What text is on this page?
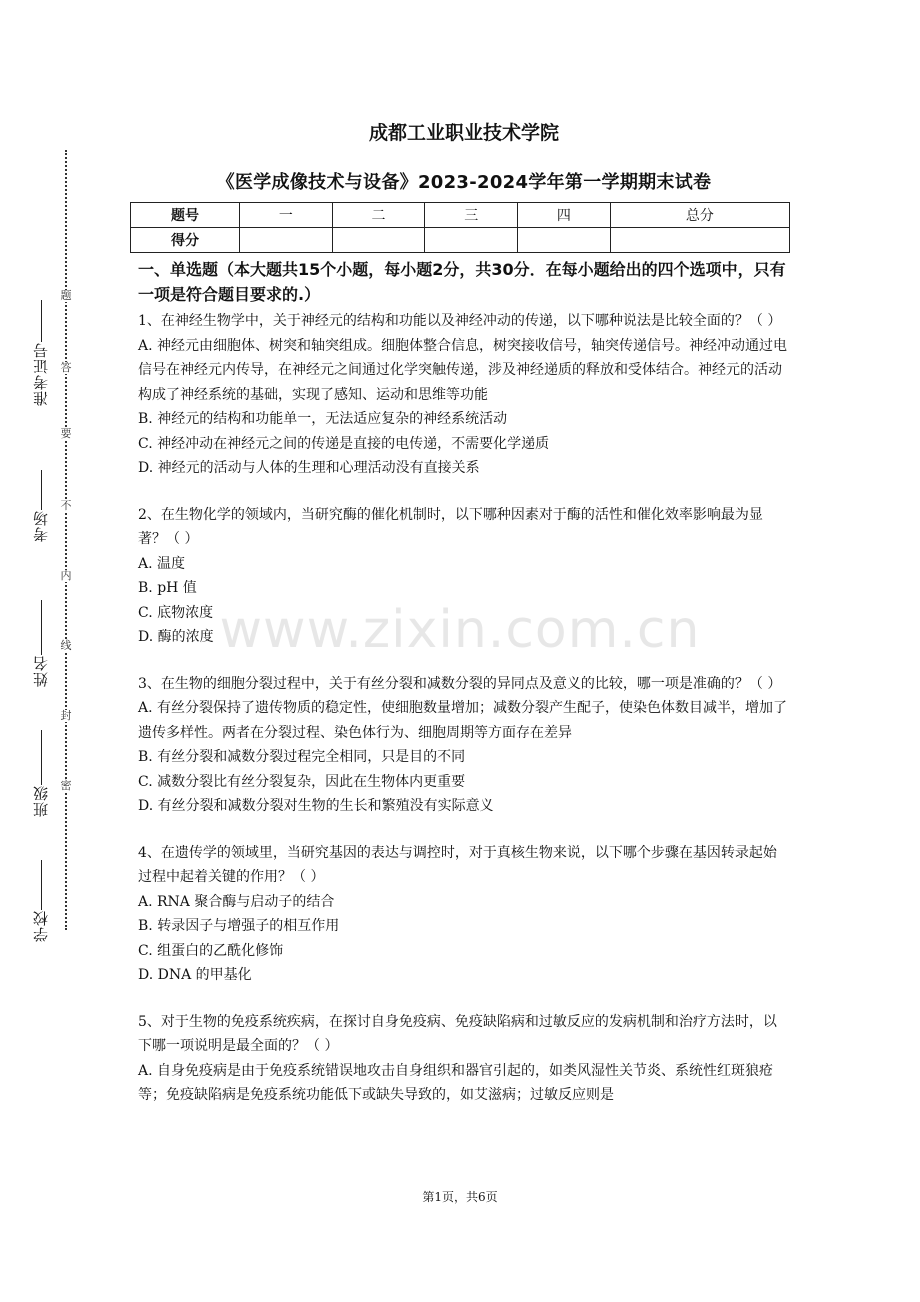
准考证号
考场
姓名
班级
学校
题
答
要
不
内
线
封
密
成都工业职业技术学院
《医学成像技术与设备》2023-2024学年第一学期期末试卷
题号	一	二	三	四	总分
得分					

一、单选题（本大题共15个小题，每小题2分，共30分．在每小题给出的四个选项中，只有一项是符合题目要求的.）

1、在神经生物学中，关于神经元的结构和功能以及神经冲动的传递，以下哪种说法是比较全面的？（ ）

A. 神经元由细胞体、树突和轴突组成。细胞体整合信息，树突接收信号，轴突传递信号。神经冲动通过电信号在神经元内传导，在神经元之间通过化学突触传递，涉及神经递质的释放和受体结合。神经元的活动构成了神经系统的基础，实现了感知、运动和思维等功能

B. 神经元的结构和功能单一，无法适应复杂的神经系统活动

C. 神经冲动在神经元之间的传递是直接的电传递，不需要化学递质

D. 神经元的活动与人体的生理和心理活动没有直接关系

2、在生物化学的领域内，当研究酶的催化机制时，以下哪种因素对于酶的活性和催化效率影响最为显著？（ ）

A. 温度

B. pH 值

C. 底物浓度

D. 酶的浓度

3、在生物的细胞分裂过程中，关于有丝分裂和减数分裂的异同点及意义的比较，哪一项是准确的？（ ）

A. 有丝分裂保持了遗传物质的稳定性，使细胞数量增加；减数分裂产生配子，使染色体数目减半，增加了遗传多样性。两者在分裂过程、染色体行为、细胞周期等方面存在差异

B. 有丝分裂和减数分裂过程完全相同，只是目的不同

C. 减数分裂比有丝分裂复杂，因此在生物体内更重要

D. 有丝分裂和减数分裂对生物的生长和繁殖没有实际意义

4、在遗传学的领域里，当研究基因的表达与调控时，对于真核生物来说，以下哪个步骤在基因转录起始过程中起着关键的作用？（ ）

A. RNA 聚合酶与启动子的结合

B. 转录因子与增强子的相互作用

C. 组蛋白的乙酰化修饰

D. DNA 的甲基化

5、对于生物的免疫系统疾病，在探讨自身免疫病、免疫缺陷病和过敏反应的发病机制和治疗方法时，以下哪一项说明是最全面的？（ ）

A. 自身免疫病是由于免疫系统错误地攻击自身组织和器官引起的，如类风湿性关节炎、系统性红斑狼疮等；免疫缺陷病是免疫系统功能低下或缺失导致的，如艾滋病；过敏反应则是

www.zixin.com.cn
第1页，共6页
